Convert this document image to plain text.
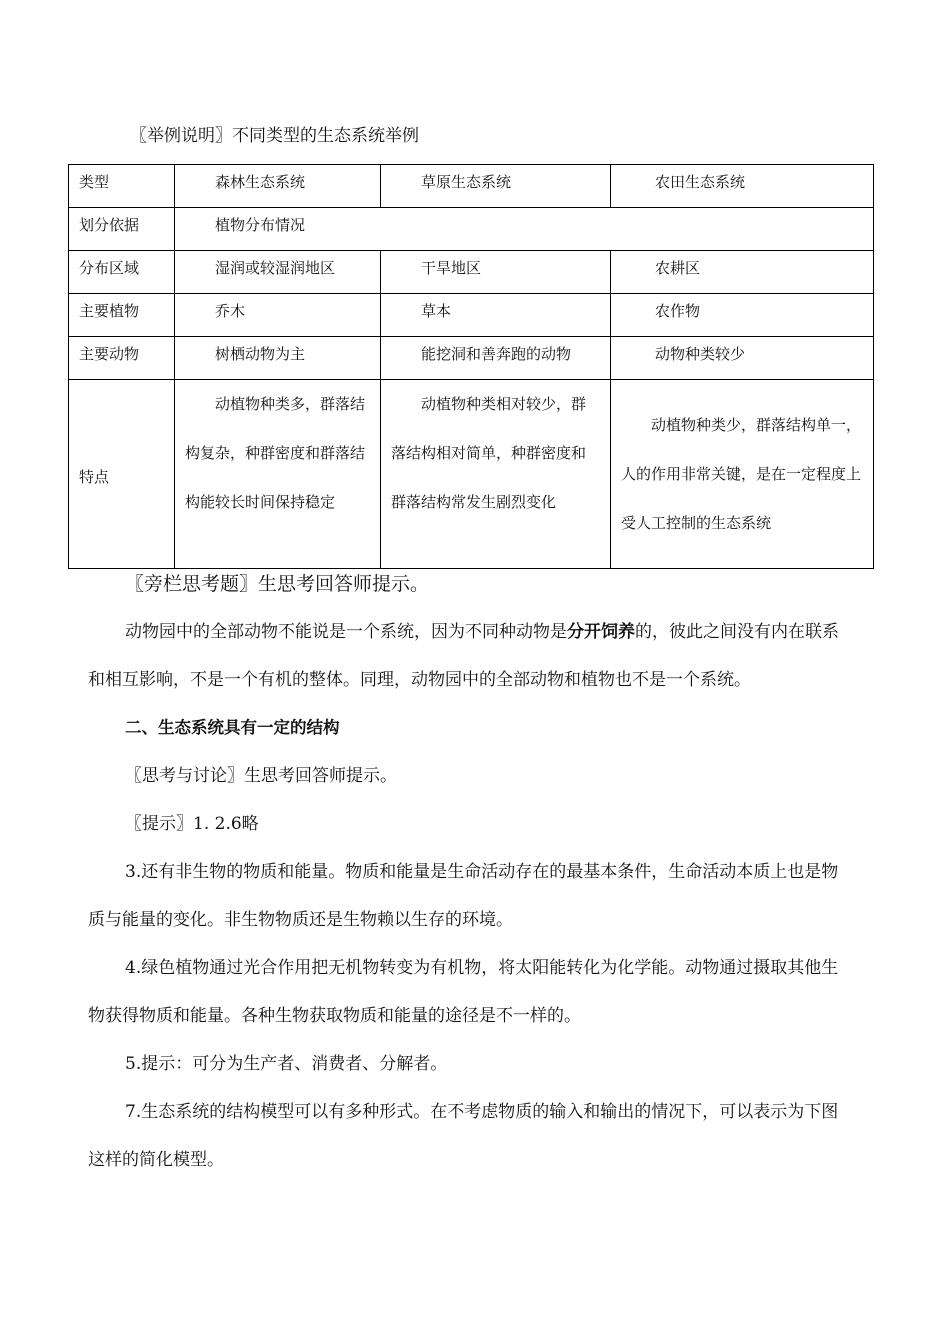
〖举例说明〗不同类型的生态系统举例
类型	森林生态系统	草原生态系统	农田生态系统
划分依据	植物分布情况		
分布区域	湿润或较湿润地区	干旱地区	农耕区
主要植物	乔木	草本	农作物
主要动物	树栖动物为主	能挖洞和善奔跑的动物	动物种类较少
特点	动植物种类多，群落结构复杂，种群密度和群落结构能较长时间保持稳定	动植物种类相对较少，群落结构相对简单，种群密度和群落结构常发生剧烈变化	动植物种类少，群落结构单一，人的作用非常关键，是在一定程度上受人工控制的生态系统

〖旁栏思考题〗生思考回答师提示。

动物园中的全部动物不能说是一个系统，因为不同种动物是分开饲养的，彼此之间没有内在联系和相互影响，不是一个有机的整体。同理，动物园中的全部动物和植物也不是一个系统。

二、生态系统具有一定的结构

〖思考与讨论〗生思考回答师提示。

〖提示〗1. 2.6略

3.还有非生物的物质和能量。物质和能量是生命活动存在的最基本条件，生命活动本质上也是物质与能量的变化。非生物物质还是生物赖以生存的环境。

4.绿色植物通过光合作用把无机物转变为有机物，将太阳能转化为化学能。动物通过摄取其他生物获得物质和能量。各种生物获取物质和能量的途径是不一样的。

5.提示：可分为生产者、消费者、分解者。

7.生态系统的结构模型可以有多种形式。在不考虑物质的输入和输出的情况下，可以表示为下图这样的简化模型。
